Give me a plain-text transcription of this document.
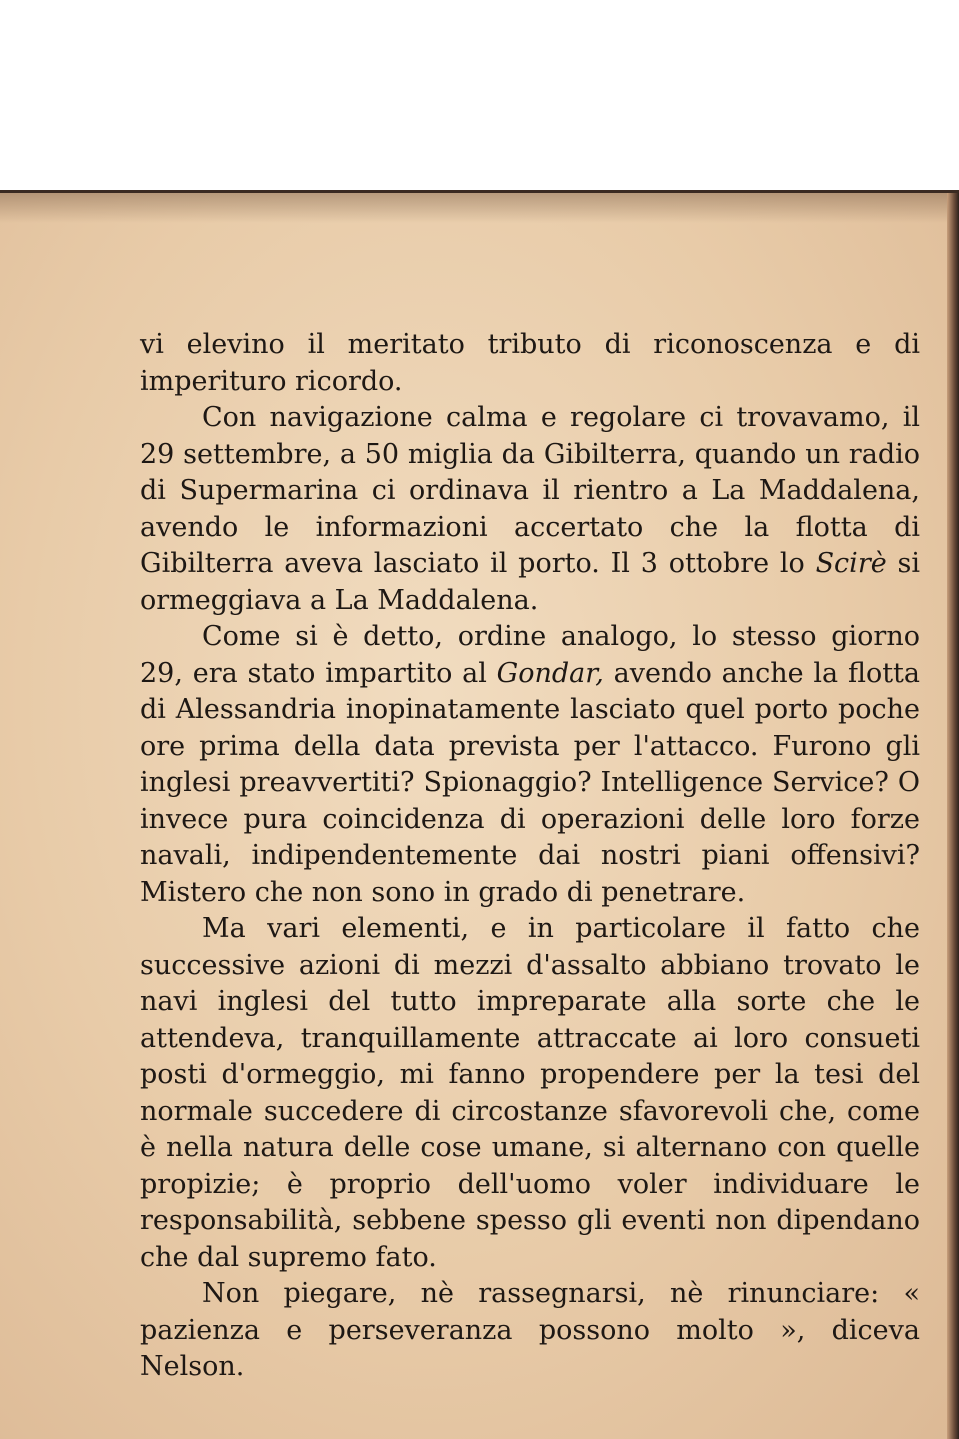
vi elevino il meritato tributo di riconoscenza e di imperituro ricordo.

Con navigazione calma e regolare ci trovavamo, il 29 settembre, a 50 miglia da Gibilterra, quando un radio di Supermarina ci ordinava il rientro a La Maddalena, avendo le informazioni accertato che la flotta di Gibilterra aveva lasciato il porto. Il 3 ottobre lo Scirè si ormeggiava a La Maddalena.

Come si è detto, ordine analogo, lo stesso giorno 29, era stato impartito al Gondar, avendo anche la flotta di Alessandria inopinatamente lasciato quel porto poche ore prima della data prevista per l'attacco. Furono gli inglesi preavvertiti? Spionaggio? Intelligence Service? O invece pura coincidenza di operazioni delle loro forze navali, indipendentemente dai nostri piani offensivi? Mistero che non sono in grado di penetrare.

Ma vari elementi, e in particolare il fatto che successive azioni di mezzi d'assalto abbiano trovato le navi inglesi del tutto impreparate alla sorte che le attendeva, tranquillamente attraccate ai loro consueti posti d'ormeggio, mi fanno propendere per la tesi del normale succedere di circostanze sfavorevoli che, come è nella natura delle cose umane, si alternano con quelle propizie; è proprio dell'uomo voler individuare le responsabilità, sebbene spesso gli eventi non dipendano che dal supremo fato.

Non piegare, nè rassegnarsi, nè rinunciare: « pazienza e perseveranza possono molto », diceva Nelson.
